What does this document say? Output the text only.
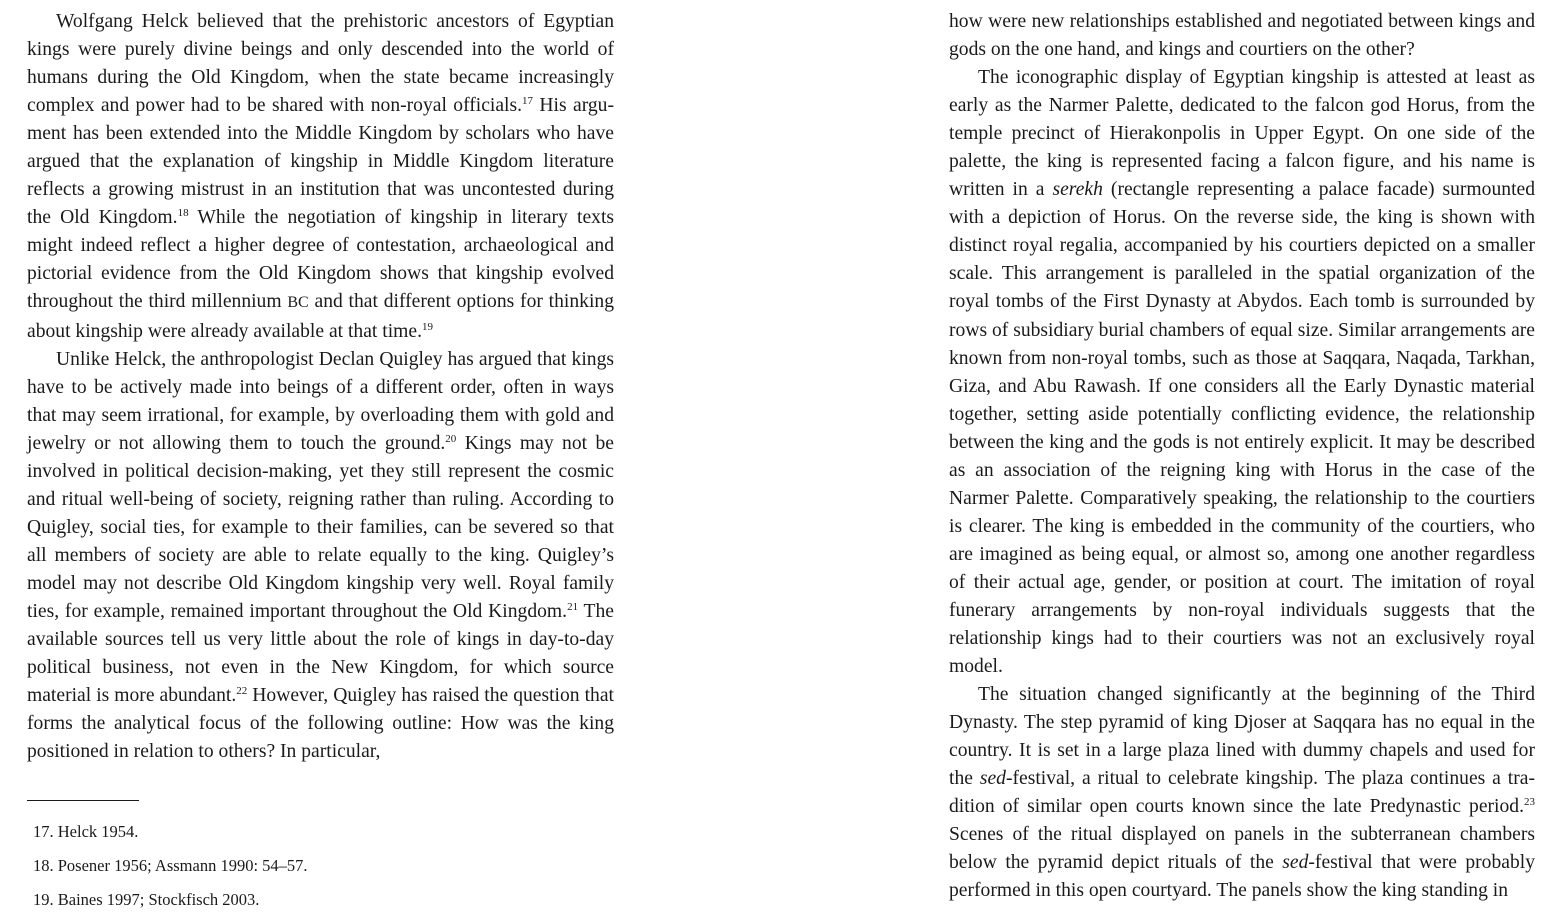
Wolfgang Helck believed that the prehistoric ancestors of Egyptian kings were purely divine beings and only descended into the world of humans during the Old Kingdom, when the state became increasingly complex and power had to be shared with non-royal officials.$^{17}$ His argument has been extended into the Middle Kingdom by scholars who have argued that the explanation of kingship in Middle Kingdom literature reflects a growing mistrust in an institution that was uncontested during the Old Kingdom.$^{18}$ While the negotiation of kingship in literary texts might indeed reflect a higher degree of contestation, archaeological and pictorial evidence from the Old Kingdom shows that kingship evolved throughout the third millennium BC and that different options for thinking about kingship were already available at that time.$^{19}$

Unlike Helck, the anthropologist Declan Quigley has argued that kings have to be actively made into beings of a different order, often in ways that may seem irrational, for example, by overloading them with gold and jewelry or not allowing them to touch the ground.$^{20}$ Kings may not be involved in political decision-making, yet they still represent the cosmic and ritual well-being of society, reigning rather than ruling. According to Quigley, social ties, for example to their families, can be severed so that all members of society are able to relate equally to the king. Quigley’s model may not describe Old Kingdom kingship very well. Royal family ties, for example, remained important throughout the Old Kingdom.$^{21}$ The available sources tell us very little about the role of kings in day-to-day political business, not even in the New Kingdom, for which source material is more abundant.$^{22}$ However, Quigley has raised the question that forms the analytical focus of the following outline: How was the king positioned in relation to others? In particular,

17. Helck 1954.

18. Posener 1956; Assmann 1990: 54–57.

19. Baines 1997; Stockfisch 2003.

how were new relationships established and negotiated between kings and gods on the one hand, and kings and courtiers on the other?

The iconographic display of Egyptian kingship is attested at least as early as the Narmer Palette, dedicated to the falcon god Horus, from the temple precinct of Hierakonpolis in Upper Egypt. On one side of the palette, the king is represented facing a falcon figure, and his name is written in a serekh (rectangle representing a palace facade) surmounted with a depiction of Horus. On the reverse side, the king is shown with distinct royal regalia, accompanied by his courtiers depicted on a smaller scale. This arrangement is paralleled in the spatial organization of the royal tombs of the First Dynasty at Abydos. Each tomb is surrounded by rows of subsidiary burial chambers of equal size. Similar arrangements are known from non-royal tombs, such as those at Saqqara, Naqada, Tarkhan, Giza, and Abu Rawash. If one considers all the Early Dynastic material together, setting aside potentially conflicting evidence, the relationship between the king and the gods is not entirely explicit. It may be described as an association of the reigning king with Horus in the case of the Narmer Palette. Comparatively speaking, the relationship to the courtiers is clearer. The king is embedded in the community of the courtiers, who are imagined as being equal, or almost so, among one another regardless of their actual age, gender, or position at court. The imitation of royal funerary arrangements by non-royal individuals suggests that the relationship kings had to their courtiers was not an exclusively royal model.

The situation changed significantly at the beginning of the Third Dynasty. The step pyramid of king Djoser at Saqqara has no equal in the country. It is set in a large plaza lined with dummy chapels and used for the sed-festival, a ritual to celebrate kingship. The plaza continues a tradition of similar open courts known since the late Predynastic period.$^{23}$ Scenes of the ritual displayed on panels in the subterranean chambers below the pyramid depict rituals of the sed-festival that were probably performed in this open courtyard. The panels show the king standing in
